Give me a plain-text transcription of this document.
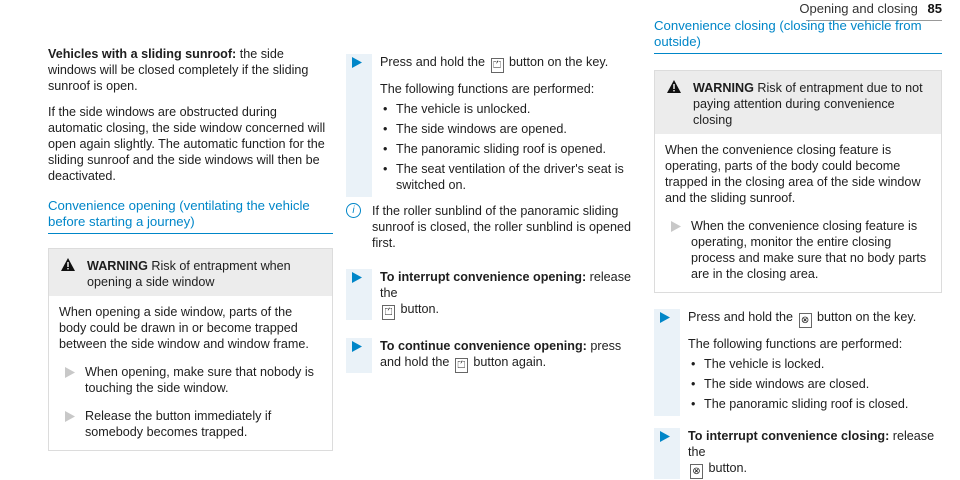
Opening and closing 85

Vehicles with a sliding sunroof: the side windows will be closed completely if the sliding sunroof is open.

If the side windows are obstructed during automatic closing, the side window concerned will open again slightly. The automatic function for the sliding sunroof and the side windows will then be deactivated.

Convenience opening (ventilating the vehicle before starting a journey)
WARNING Risk of entrapment when opening a side window
When opening a side window, parts of the body could be drawn in or become trapped between the side window and window frame.
When opening, make sure that nobody is touching the side window.
Release the button immediately if somebody becomes trapped.
Press and hold the ⏍ button on the key.
The following functions are performed:
• The vehicle is unlocked.
• The side windows are opened.
• The panoramic sliding roof is opened.
• The seat ventilation of the driver's seat is switched on.
i	If the roller sunblind of the panoramic sliding sunroof is closed, the roller sunblind is opened first.
To interrupt convenience opening: release the
⏍ button.
To continue convenience opening: press and hold the ⏍ button again.
Convenience closing (closing the vehicle from outside)
WARNING Risk of entrapment due to not paying attention during convenience closing
When the convenience closing feature is operating, parts of the body could become trapped in the closing area of the side window and the sliding sunroof.
When the convenience closing feature is operating, monitor the entire closing process and make sure that no body parts are in the closing area.
Press and hold the ⊗ button on the key.
The following functions are performed:
• The vehicle is locked.
• The side windows are closed.
• The panoramic sliding roof is closed.
To interrupt convenience closing: release the
⊗ button.
